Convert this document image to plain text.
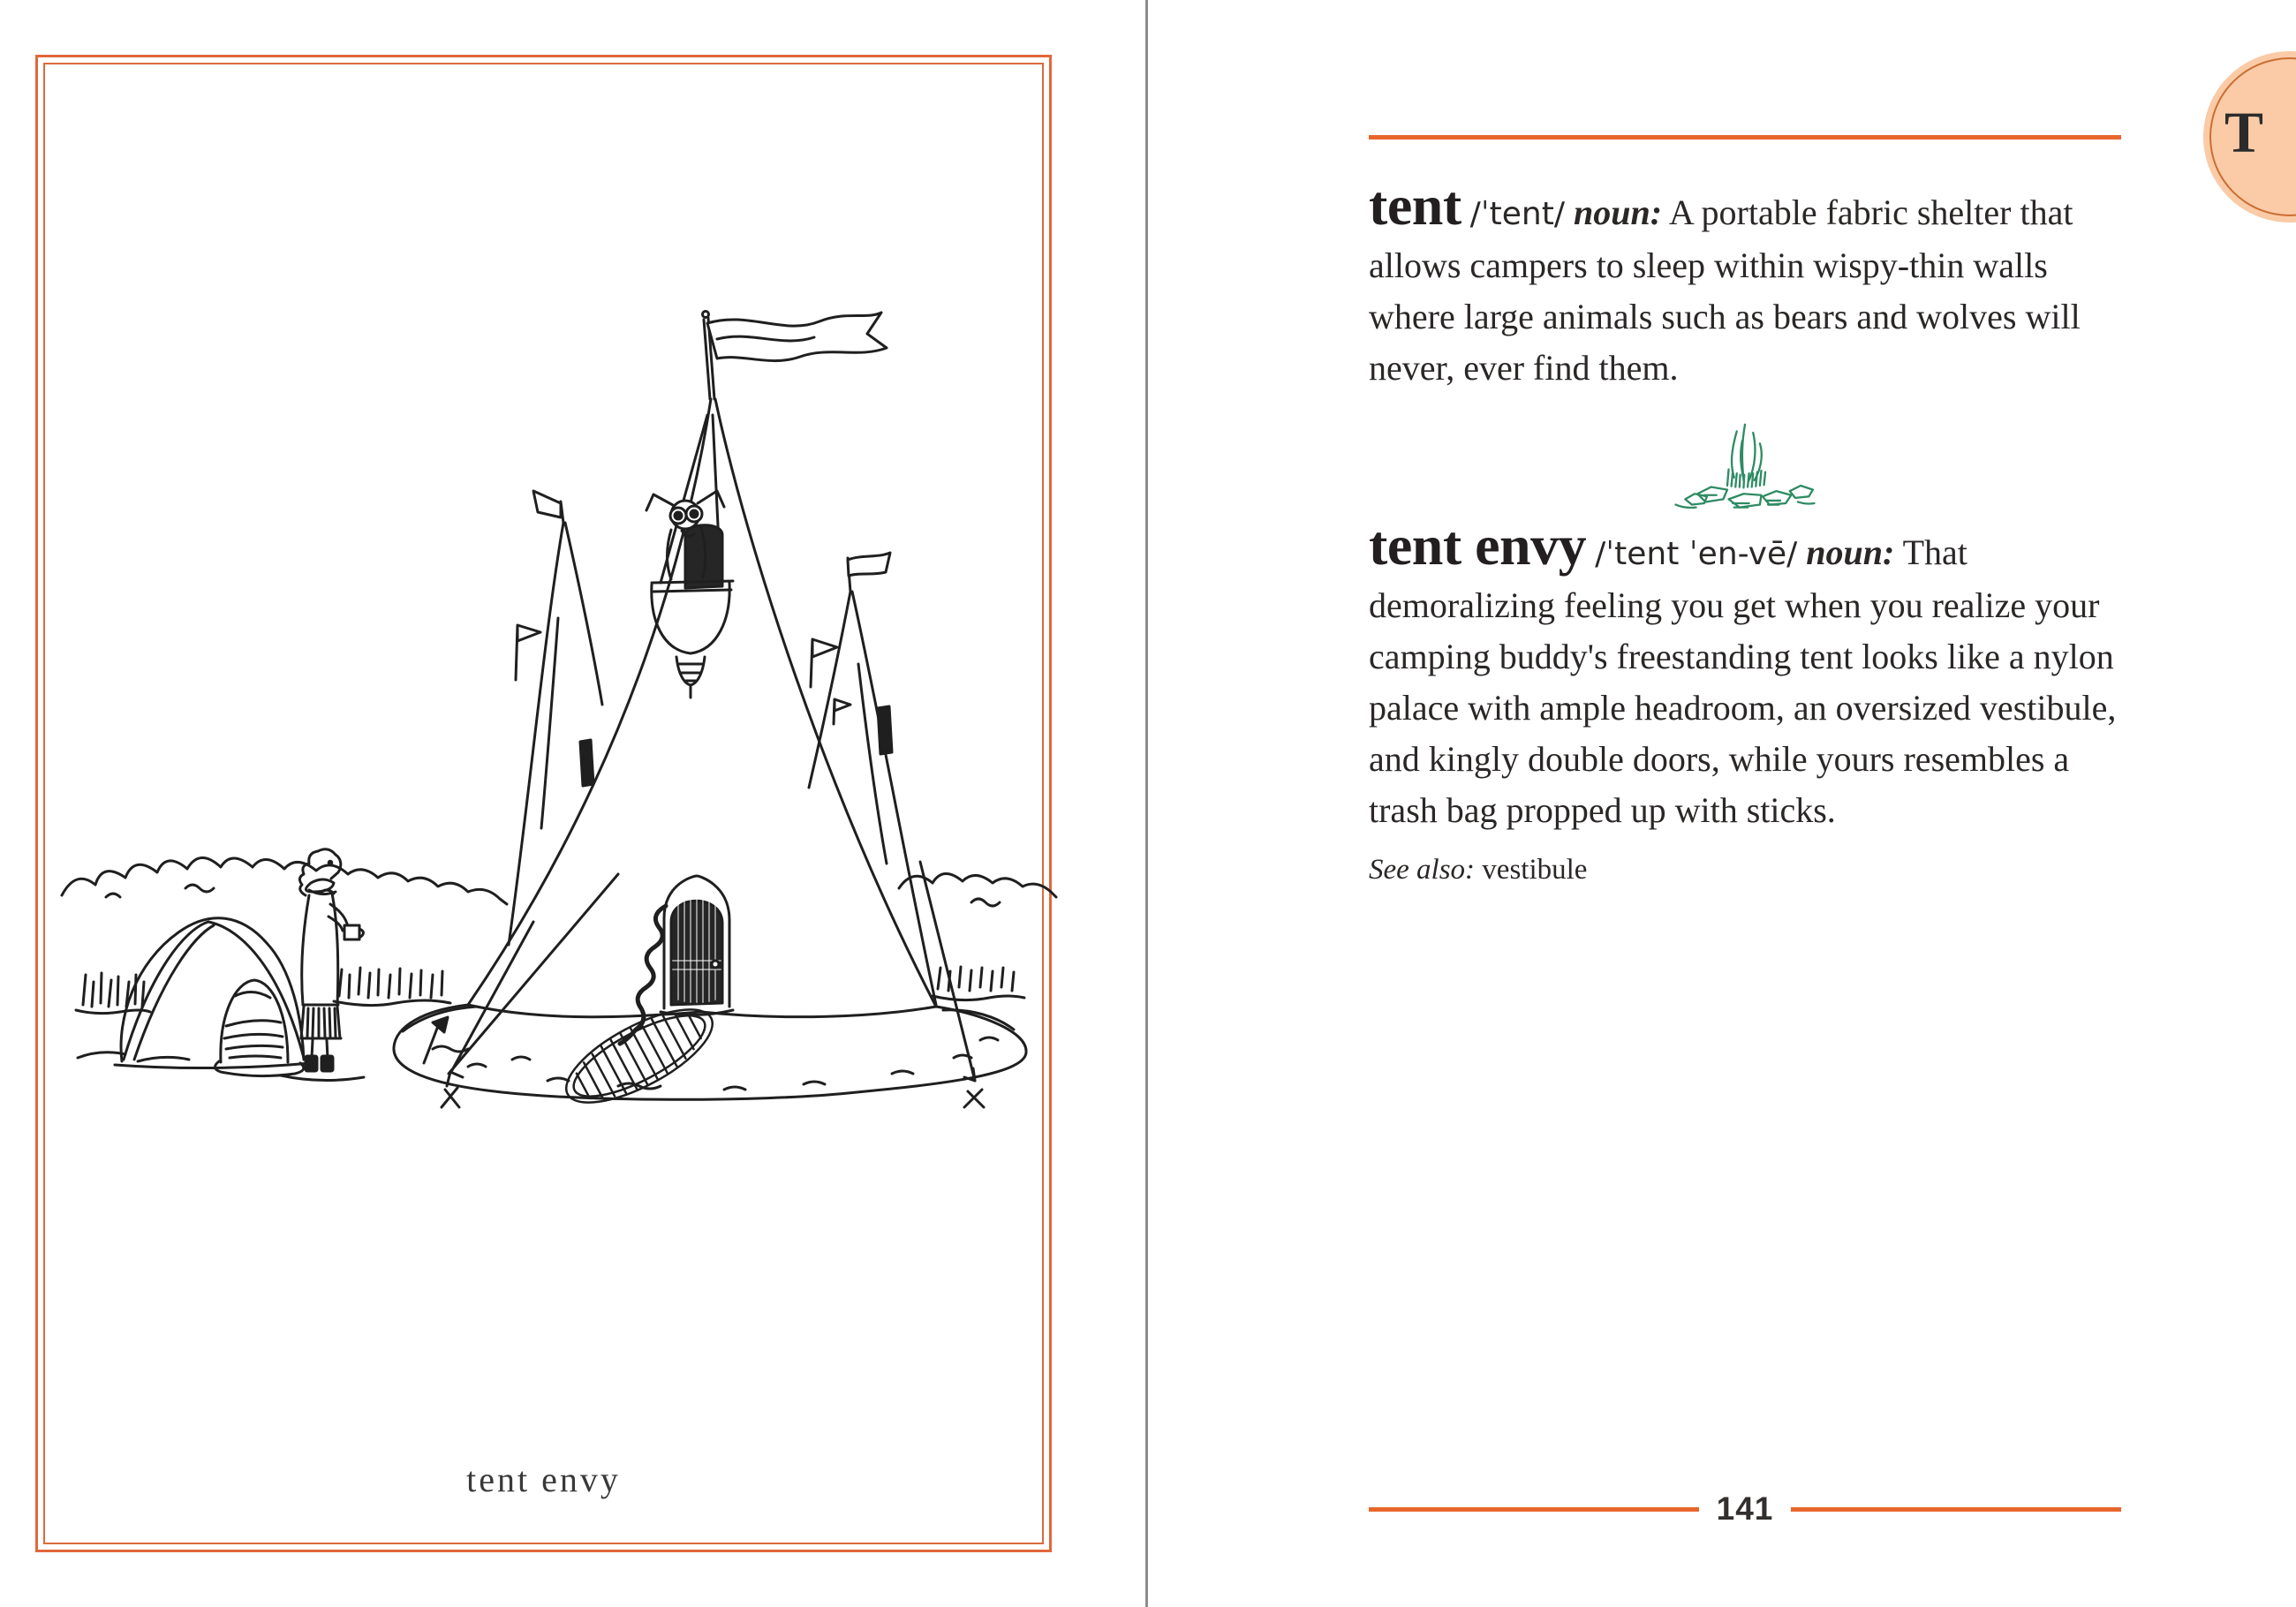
tent envy

tent /ˈtent/ noun: A portable fabric shelter that allows campers to sleep within wispy-thin walls where large animals such as bears and wolves will never, ever find them.

tent envy /ˈtent ˈen-vē/ noun: That demoralizing feeling you get when you realize your camping buddy's freestanding tent looks like a nylon palace with ample headroom, an oversized vestibule, and kingly double doors, while yours resembles a trash bag propped up with sticks.

See also: vestibule

141
T
